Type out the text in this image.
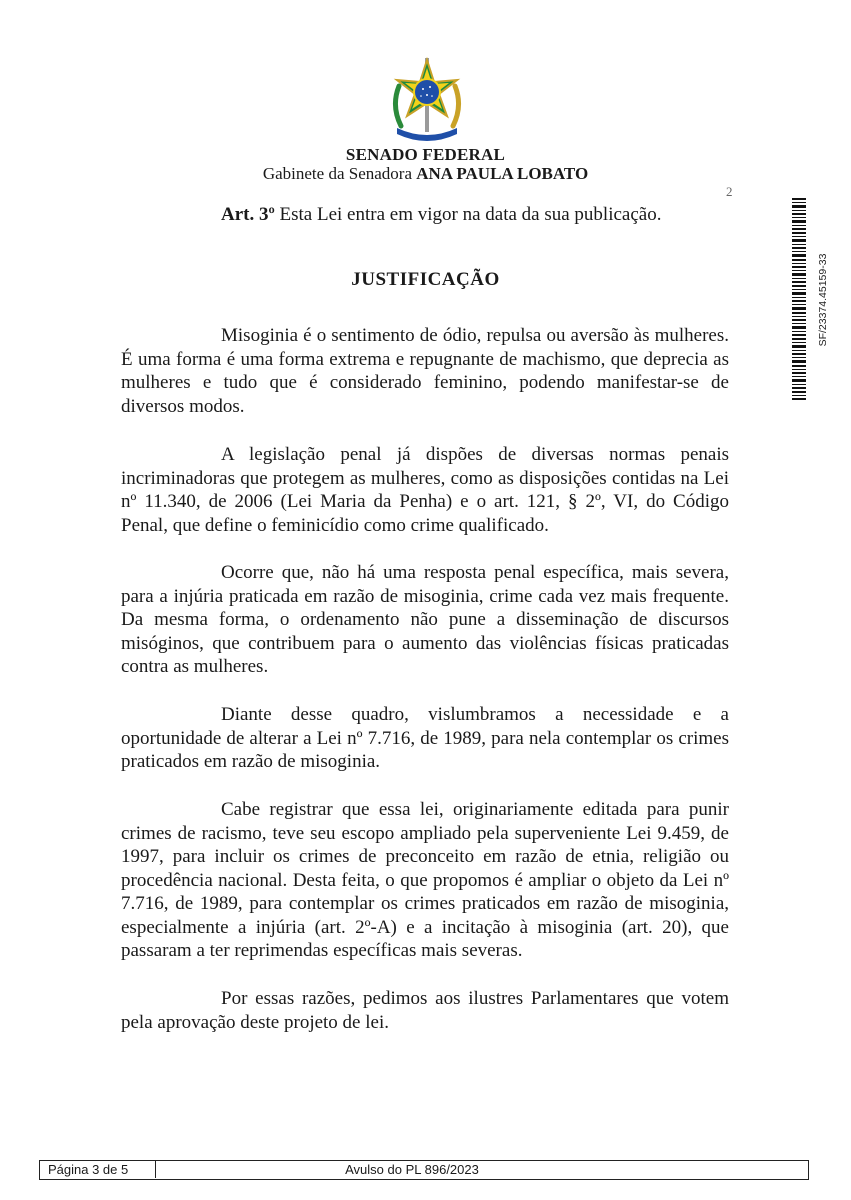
SENADO FEDERAL
Gabinete da Senadora ANA PAULA LOBATO
2
SF/23374.45159-33
Art. 3º Esta Lei entra em vigor na data da sua publicação.
JUSTIFICAÇÃO

Misoginia é o sentimento de ódio, repulsa ou aversão às mulheres. É uma forma é uma forma extrema e repugnante de machismo, que deprecia as mulheres e tudo que é considerado feminino, podendo manifestar-se de diversos modos.

A legislação penal já dispões de diversas normas penais incriminadoras que protegem as mulheres, como as disposições contidas na Lei nº 11.340, de 2006 (Lei Maria da Penha) e o art. 121, § 2º, VI, do Código Penal, que define o feminicídio como crime qualificado.

Ocorre que, não há uma resposta penal específica, mais severa, para a injúria praticada em razão de misoginia, crime cada vez mais frequente. Da mesma forma, o ordenamento não pune a disseminação de discursos misóginos, que contribuem para o aumento das violências físicas praticadas contra as mulheres.

Diante desse quadro, vislumbramos a necessidade e a oportunidade de alterar a Lei nº 7.716, de 1989, para nela contemplar os crimes praticados em razão de misoginia.

Cabe registrar que essa lei, originariamente editada para punir crimes de racismo, teve seu escopo ampliado pela superveniente Lei 9.459, de 1997, para incluir os crimes de preconceito em razão de etnia, religião ou procedência nacional. Desta feita, o que propomos é ampliar o objeto da Lei nº 7.716, de 1989, para contemplar os crimes praticados em razão de misoginia, especialmente a injúria (art. 2º-A) e a incitação à misoginia (art. 20), que passaram a ter reprimendas específicas mais severas.

Por essas razões, pedimos aos ilustres Parlamentares que votem pela aprovação deste projeto de lei.

Página 3 de 5	Avulso do PL 896/2023
